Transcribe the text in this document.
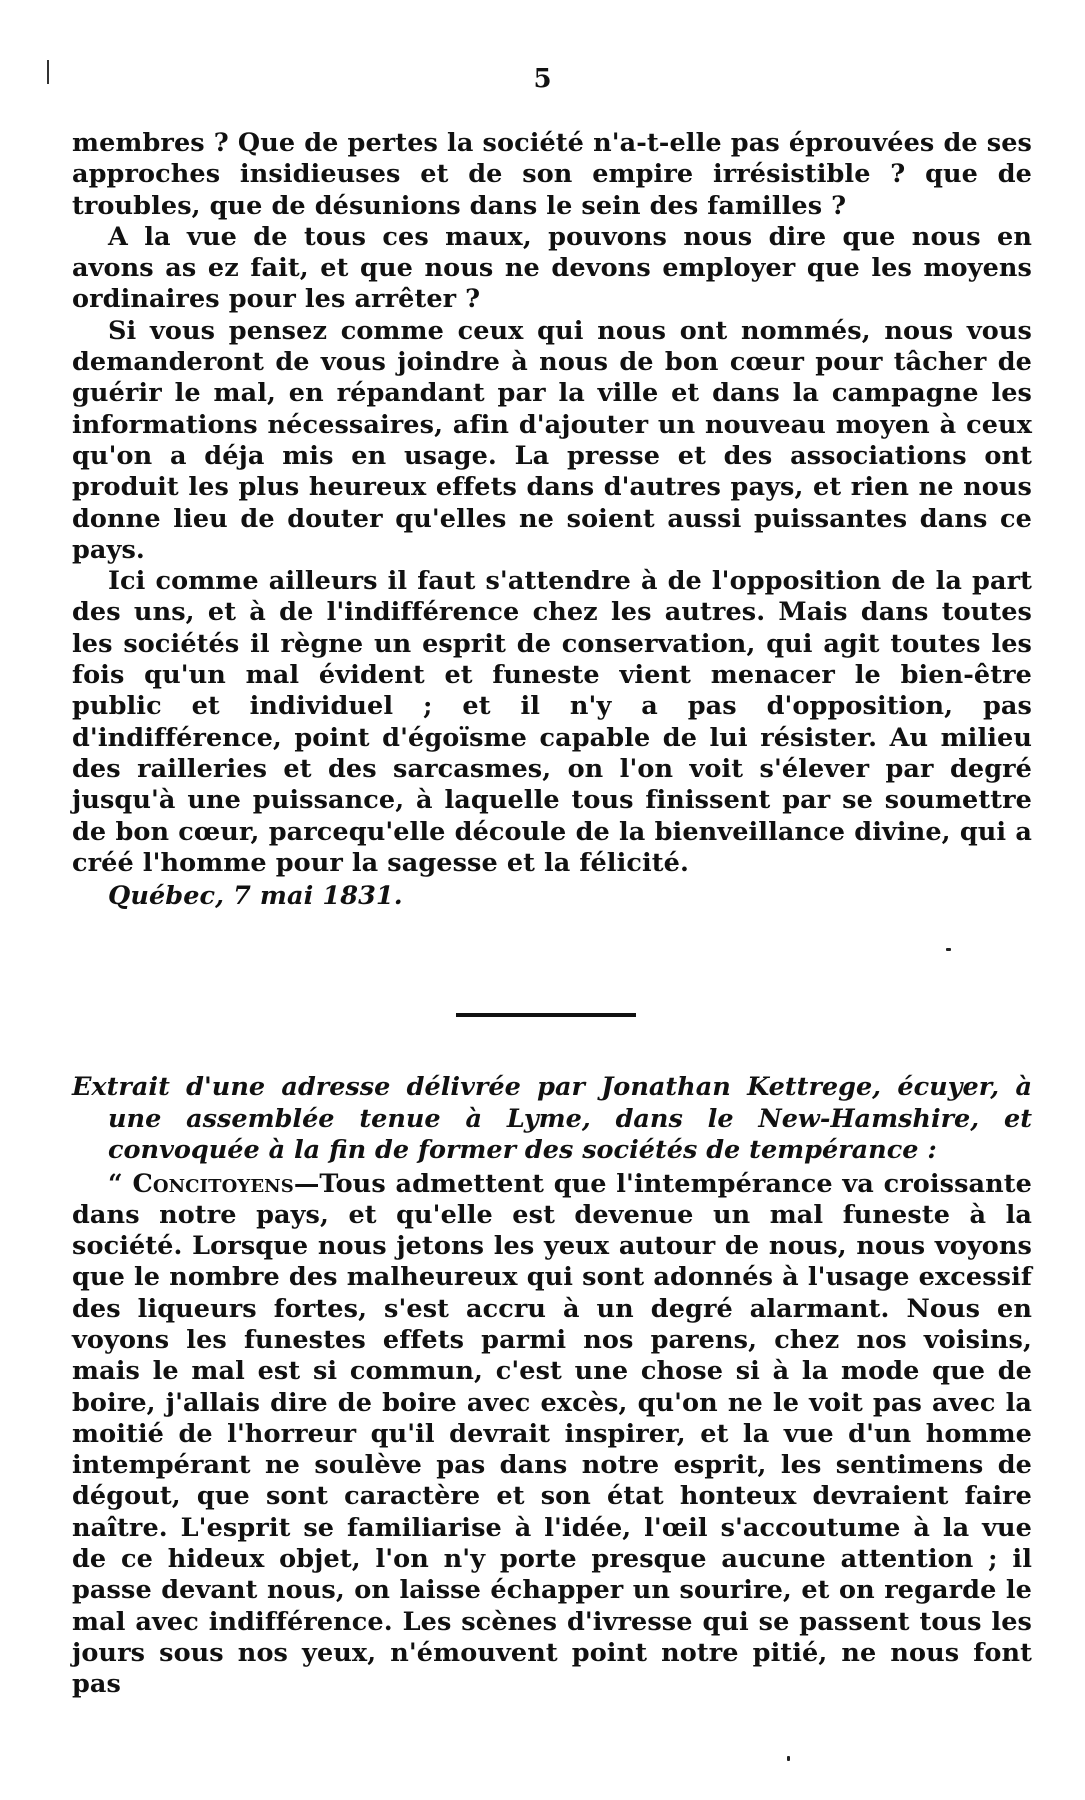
5

membres ? Que de pertes la société n'a-t-elle pas éprouvées de ses approches insidieuses et de son empire irrésistible ? que de troubles, que de désunions dans le sein des familles ?

A la vue de tous ces maux, pouvons nous dire que nous en avons as ez fait, et que nous ne devons employer que les moyens ordinaires pour les arrêter ?

Si vous pensez comme ceux qui nous ont nommés, nous vous demanderont de vous joindre à nous de bon cœur pour tâcher de guérir le mal, en répandant par la ville et dans la campagne les informations nécessaires, afin d'ajouter un nouveau moyen à ceux qu'on a déja mis en usage. La presse et des associations ont produit les plus heureux effets dans d'autres pays, et rien ne nous donne lieu de douter qu'elles ne soient aussi puissantes dans ce pays.

Ici comme ailleurs il faut s'attendre à de l'opposition de la part des uns, et à de l'indifférence chez les autres. Mais dans toutes les sociétés il règne un esprit de conservation, qui agit toutes les fois qu'un mal évident et funeste vient menacer le bien-être public et individuel ; et il n'y a pas d'opposition, pas d'indifférence, point d'égoïsme capable de lui résister. Au milieu des railleries et des sarcasmes, on l'on voit s'élever par degré jusqu'à une puissance, à laquelle tous finissent par se soumettre de bon cœur, parcequ'elle découle de la bienveillance divine, qui a créé l'homme pour la sagesse et la félicité.

Québec, 7 mai 1831.

Extrait d'une adresse délivrée par Jonathan Kettrege, écuyer, à une assemblée tenue à Lyme, dans le New-Hamshire, et convoquée à la fin de former des sociétés de tempérance :

“ Concitoyens—Tous admettent que l'intempérance va croissante dans notre pays, et qu'elle est devenue un mal funeste à la société. Lorsque nous jetons les yeux autour de nous, nous voyons que le nombre des malheureux qui sont adonnés à l'usage excessif des liqueurs fortes, s'est accru à un degré alarmant. Nous en voyons les funestes effets parmi nos parens, chez nos voisins, mais le mal est si commun, c'est une chose si à la mode que de boire, j'allais dire de boire avec excès, qu'on ne le voit pas avec la moitié de l'horreur qu'il devrait inspirer, et la vue d'un homme intempérant ne soulève pas dans notre esprit, les sentimens de dégout, que sont caractère et son état honteux devraient faire naître. L'esprit se familiarise à l'idée, l'œil s'accoutume à la vue de ce hideux objet, l'on n'y porte presque aucune attention ; il passe devant nous, on laisse échapper un sourire, et on regarde le mal avec indifférence. Les scènes d'ivresse qui se passent tous les jours sous nos yeux, n'émouvent point notre pitié, ne nous font pas
